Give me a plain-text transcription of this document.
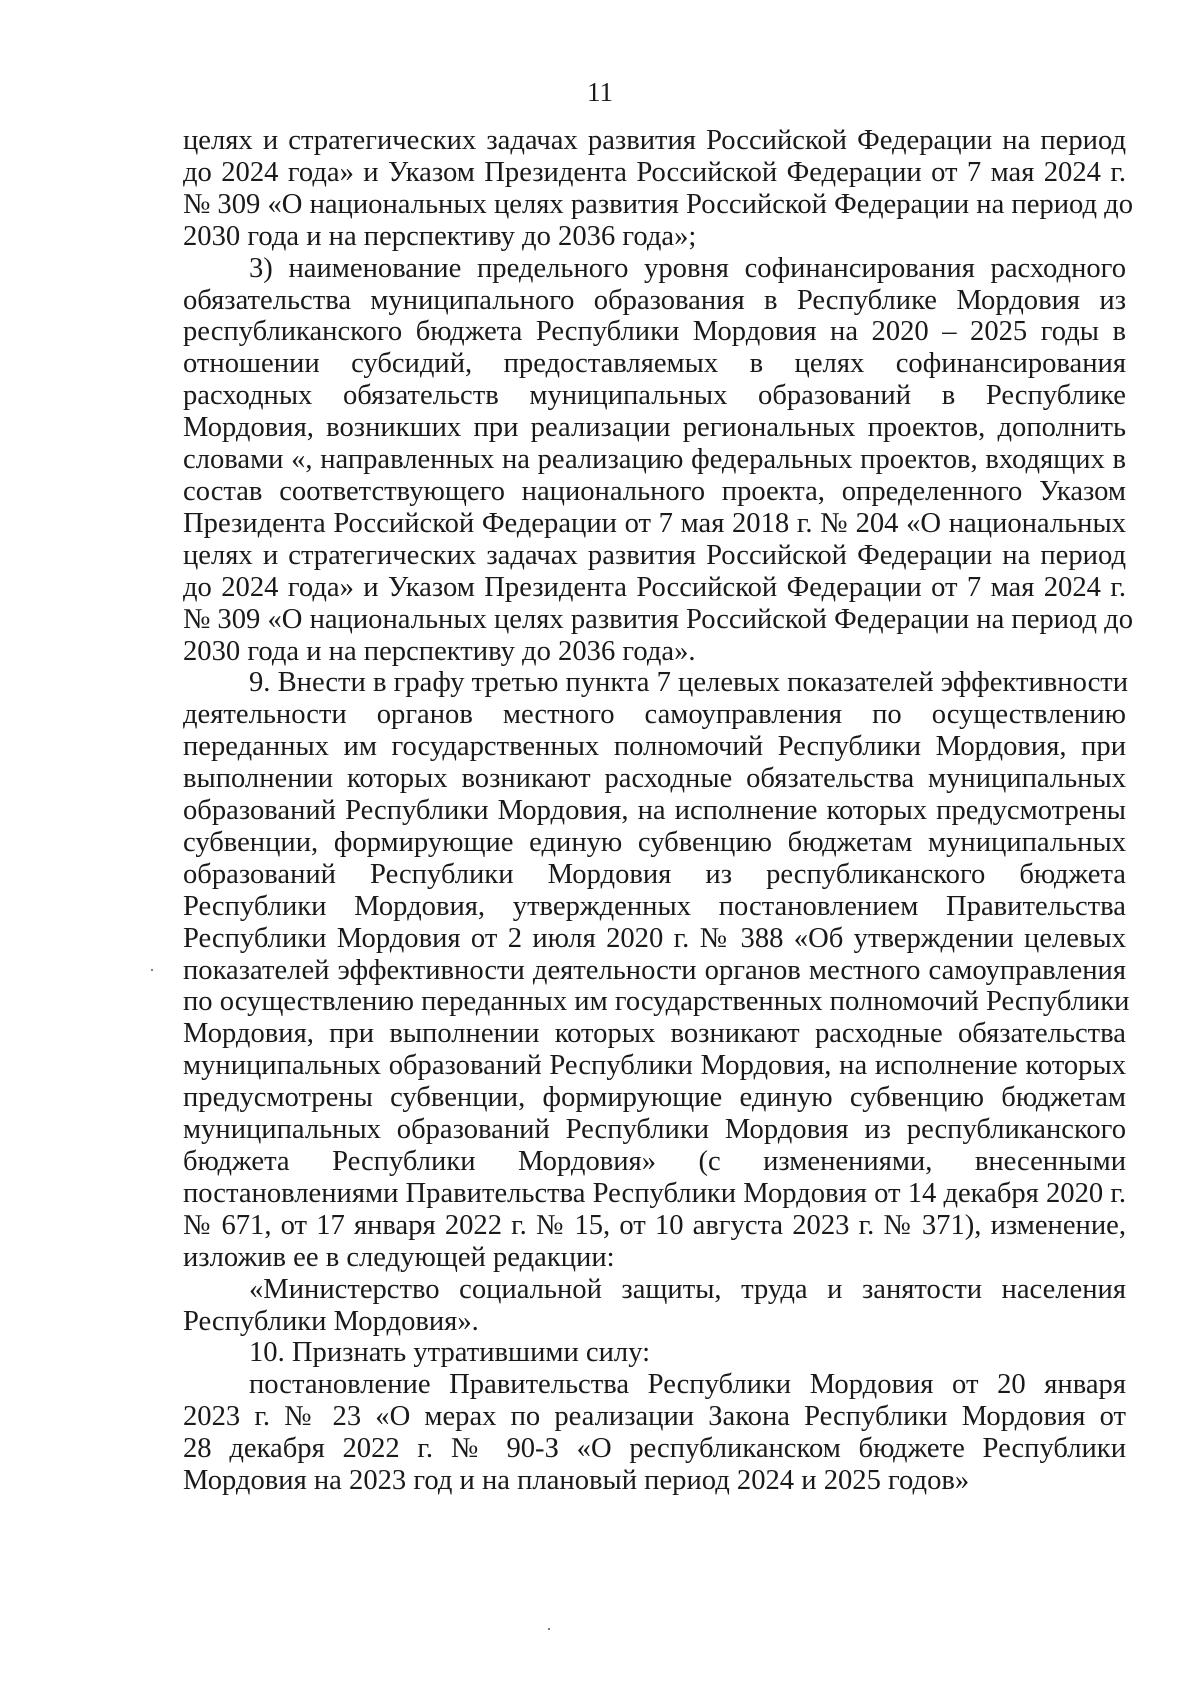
11
целях и стратегических задачах развития Российской Федерации на период
до 2024 года» и Указом Президента Российской Федерации от 7 мая 2024 г.
№ 309 «О национальных целях развития Российской Федерации на период до
2030 года и на перспективу до 2036 года»;
3) наименование предельного уровня софинансирования расходного
обязательства муниципального образования в Республике Мордовия из
республиканского бюджета Республики Мордовия на 2020 – 2025 годы в
отношении субсидий, предоставляемых в целях софинансирования
расходных обязательств муниципальных образований в Республике
Мордовия, возникших при реализации региональных проектов, дополнить
словами «, направленных на реализацию федеральных проектов, входящих в
состав соответствующего национального проекта, определенного Указом
Президента Российской Федерации от 7 мая 2018 г. № 204 «О национальных
целях и стратегических задачах развития Российской Федерации на период
до 2024 года» и Указом Президента Российской Федерации от 7 мая 2024 г.
№ 309 «О национальных целях развития Российской Федерации на период до
2030 года и на перспективу до 2036 года».
9. Внести в графу третью пункта 7 целевых показателей эффективности
деятельности органов местного самоуправления по осуществлению
переданных им государственных полномочий Республики Мордовия, при
выполнении которых возникают расходные обязательства муниципальных
образований Республики Мордовия, на исполнение которых предусмотрены
субвенции, формирующие единую субвенцию бюджетам муниципальных
образований Республики Мордовия из республиканского бюджета
Республики Мордовия, утвержденных постановлением Правительства
Республики Мордовия от 2 июля 2020 г. № 388 «Об утверждении целевых
показателей эффективности деятельности органов местного самоуправления
по осуществлению переданных им государственных полномочий Республики
Мордовия, при выполнении которых возникают расходные обязательства
муниципальных образований Республики Мордовия, на исполнение которых
предусмотрены субвенции, формирующие единую субвенцию бюджетам
муниципальных образований Республики Мордовия из республиканского
бюджета Республики Мордовия» (с изменениями, внесенными
постановлениями Правительства Республики Мордовия от 14 декабря 2020 г.
№ 671, от 17 января 2022 г. № 15, от 10 августа 2023 г. № 371), изменение,
изложив ее в следующей редакции:
«Министерство социальной защиты, труда и занятости населения
Республики Мордовия».
10. Признать утратившими силу:
постановление Правительства Республики Мордовия от 20 января
2023 г. № 23 «О мерах по реализации Закона Республики Мордовия от
28 декабря 2022 г. № 90-З «О республиканском бюджете Республики
Мордовия на 2023 год и на плановый период 2024 и 2025 годов»
